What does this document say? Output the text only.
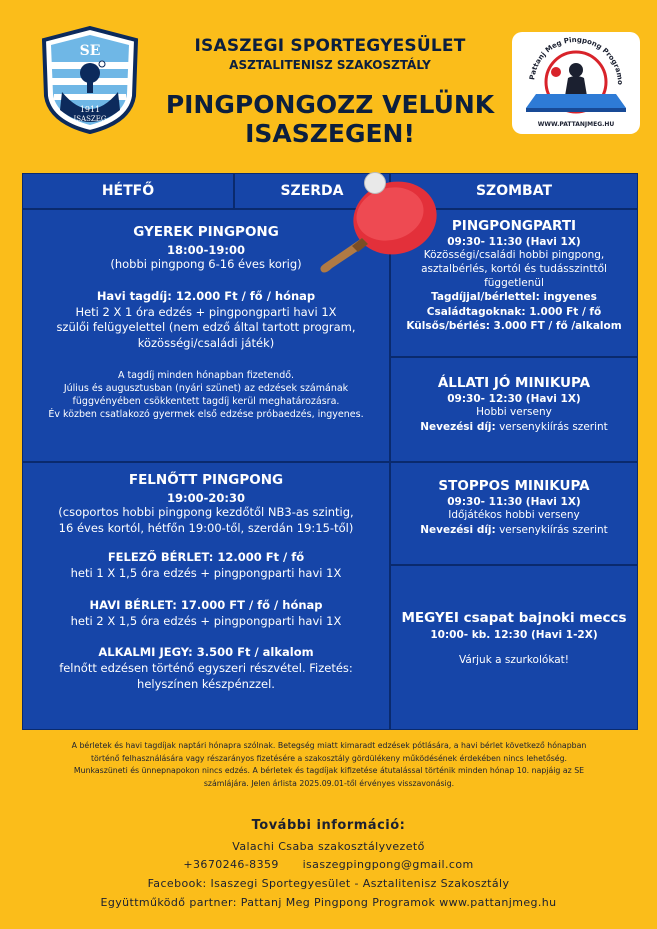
SE
1911
ISASZEG
ISASZEGI SPORTEGYESÜLET
ASZTALITENISZ SZAKOSZTÁLY
PINGPONGOZZ VELÜNK
ISASZEGEN!
Pattanj Meg Pingpong Programo
WWW.PATTANJMEG.HU
HÉTFŐ	SZERDA	SZOMBAT
GYEREK PINGPONG
18:00-19:00
(hobbi pingpong 6-16 éves korig)
Havi tagdíj: 12.000 Ft / fő / hónap
Heti 2 X 1 óra edzés + pingpongparti havi 1X
szülői felügyelettel (nem edző által tartott program,
közösségi/családi játék)
A tagdíj minden hónapban fizetendő.
Július és augusztusban (nyári szünet) az edzések számának
függvényében csökkentett tagdíj kerül meghatározásra.
Év közben csatlakozó gyermek első edzése próbaedzés, ingyenes.
FELNŐTT PINGPONG
19:00-20:30
(csoportos hobbi pingpong kezdőtől NB3-as szintig,
16 éves kortól, hétfőn 19:00-től, szerdán 19:15-től)
FELEZŐ BÉRLET: 12.000 Ft / fő
heti 1 X 1,5 óra edzés + pingpongparti havi 1X
HAVI BÉRLET: 17.000 FT / fő / hónap
heti 2 X 1,5 óra edzés + pingpongparti havi 1X
ALKALMI JEGY: 3.500 Ft / alkalom
felnőtt edzésen történő egyszeri részvétel. Fizetés:
helyszínen készpénzzel.
PINGPONGPARTI
09:30- 11:30 (Havi 1X)
Közösségi/családi hobbi pingpong,
asztalbérlés, kortól és tudásszinttől
függetlenül
Tagdíjjal/bérlettel: ingyenes
Családtagoknak: 1.000 Ft / fő
Külsős/bérlés: 3.000 FT / fő /alkalom
ÁLLATI JÓ MINIKUPA
09:30- 12:30 (Havi 1X)
Hobbi verseny
Nevezési díj: versenykiírás szerint
STOPPOS MINIKUPA
09:30- 11:30 (Havi 1X)
Időjátékos hobbi verseny
Nevezési díj: versenykiírás szerint
MEGYEI csapat bajnoki meccs
10:00- kb. 12:30 (Havi 1-2X)
Várjuk a szurkolókat!
A bérletek és havi tagdíjak naptári hónapra szólnak. Betegség miatt kimaradt edzések pótlására, a havi bérlet következő hónapban
történő felhasználására vagy részarányos fizetésére a szakosztály gördülékeny működésének érdekében nincs lehetőség.
Munkaszüneti és ünnepnapokon nincs edzés. A bérletek és tagdíjak kifizetése átutalással történik minden hónap 10. napjáig az SE
számlájára. Jelen árlista 2025.09.01-től érvényes visszavonásig.
További információ:
Valachi Csaba szakosztályvezető
+3670246-8359 isaszegpingpong@gmail.com
Facebook: Isaszegi Sportegyesület - Asztalitenisz Szakosztály
Együttműködő partner: Pattanj Meg Pingpong Programok www.pattanjmeg.hu
